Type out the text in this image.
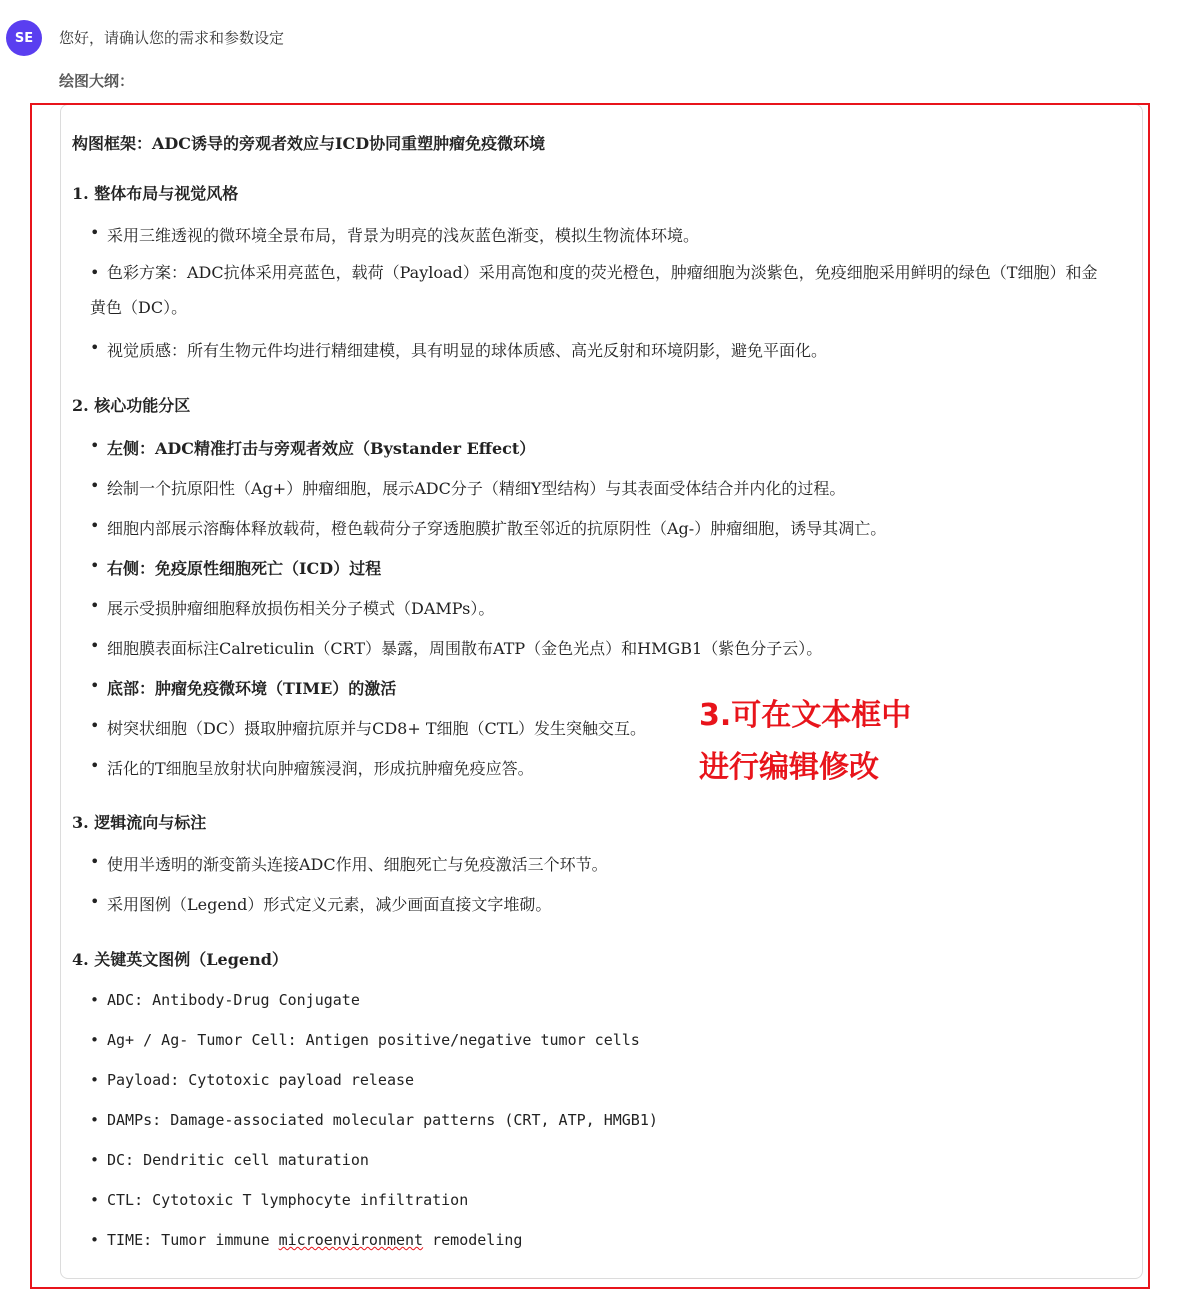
SE	您好，请确认您的需求和参数设定
绘图大纲：
构图框架：ADC诱导的旁观者效应与ICD协同重塑肿瘤免疫微环境
1. 整体布局与视觉风格
• 采用三维透视的微环境全景布局，背景为明亮的浅灰蓝色渐变，模拟生物流体环境。
• 色彩方案：ADC抗体采用亮蓝色，载荷（Payload）采用高饱和度的荧光橙色，肿瘤细胞为淡紫色，免疫细胞采用鲜明的绿色（T细胞）和金黄色（DC）。
• 视觉质感：所有生物元件均进行精细建模，具有明显的球体质感、高光反射和环境阴影，避免平面化。
2. 核心功能分区
• 左侧：ADC精准打击与旁观者效应（Bystander Effect）
• 绘制一个抗原阳性（Ag+）肿瘤细胞，展示ADC分子（精细Y型结构）与其表面受体结合并内化的过程。
• 细胞内部展示溶酶体释放载荷，橙色载荷分子穿透胞膜扩散至邻近的抗原阴性（Ag-）肿瘤细胞，诱导其凋亡。
• 右侧：免疫原性细胞死亡（ICD）过程
• 展示受损肿瘤细胞释放损伤相关分子模式（DAMPs）。
• 细胞膜表面标注Calreticulin（CRT）暴露，周围散布ATP（金色光点）和HMGB1（紫色分子云）。
• 底部：肿瘤免疫微环境（TIME）的激活
• 树突状细胞（DC）摄取肿瘤抗原并与CD8+ T细胞（CTL）发生突触交互。
• 活化的T细胞呈放射状向肿瘤簇浸润，形成抗肿瘤免疫应答。
3. 逻辑流向与标注
• 使用半透明的渐变箭头连接ADC作用、细胞死亡与免疫激活三个环节。
• 采用图例（Legend）形式定义元素，减少画面直接文字堆砌。
4. 关键英文图例（Legend）
• ADC: Antibody-Drug Conjugate
• Ag+ / Ag- Tumor Cell: Antigen positive/negative tumor cells
• Payload: Cytotoxic payload release
• DAMPs: Damage-associated molecular patterns (CRT, ATP, HMGB1)
• DC: Dendritic cell maturation
• CTL: Cytotoxic T lymphocyte infiltration
• TIME: Tumor immune microenvironment remodeling
3.可在文本框中
进行编辑修改
